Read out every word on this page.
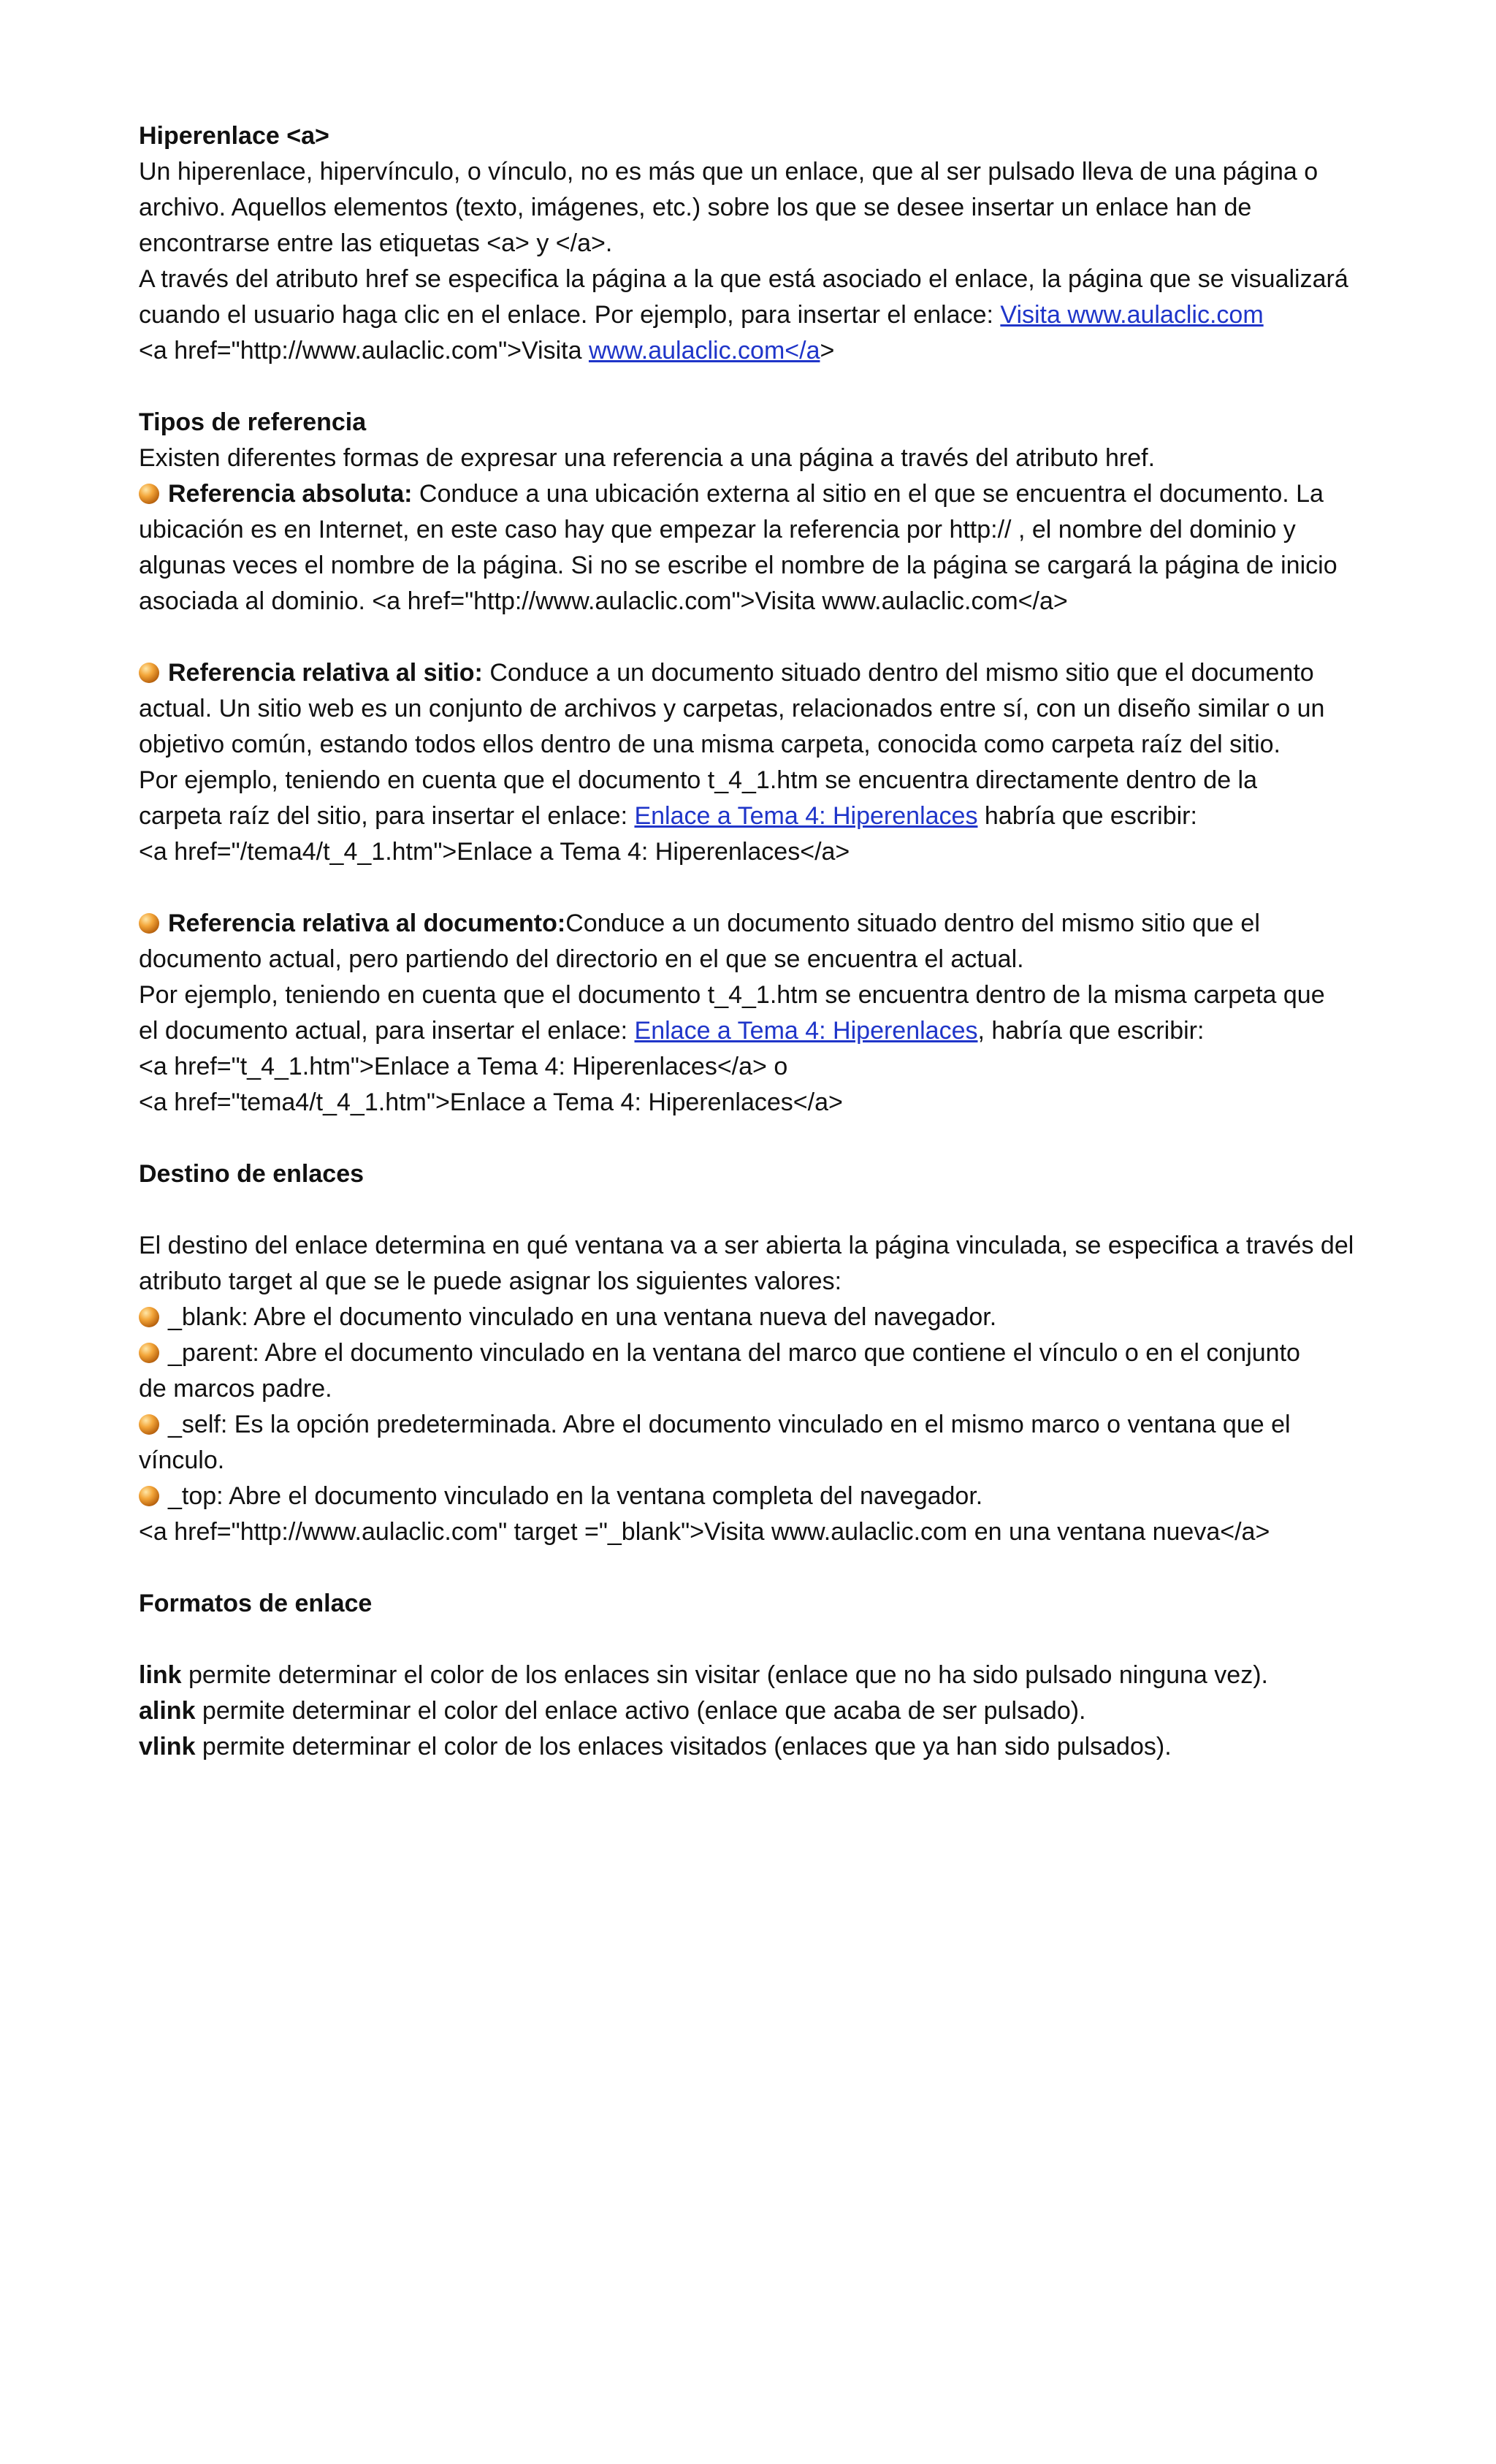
Hiperenlace <a>
Un hiperenlace, hipervínculo, o vínculo, no es más que un enlace, que al ser pulsado lleva de una página o
archivo. Aquellos elementos (texto, imágenes, etc.) sobre los que se desee insertar un enlace han de
encontrarse entre las etiquetas <a> y </a>.
A través del atributo href se especifica la página a la que está asociado el enlace, la página que se visualizará
cuando el usuario haga clic en el enlace. Por ejemplo, para insertar el enlace: Visita www.aulaclic.com
<a href="http://www.aulaclic.com">Visita www.aulaclic.com</a>
Tipos de referencia
Existen diferentes formas de expresar una referencia a una página a través del atributo href.
Referencia absoluta: Conduce a una ubicación externa al sitio en el que se encuentra el documento. La
ubicación es en Internet, en este caso hay que empezar la referencia por http:// , el nombre del dominio y
algunas veces el nombre de la página. Si no se escribe el nombre de la página se cargará la página de inicio
asociada al dominio. <a href="http://www.aulaclic.com">Visita www.aulaclic.com</a>
Referencia relativa al sitio: Conduce a un documento situado dentro del mismo sitio que el documento
actual. Un sitio web es un conjunto de archivos y carpetas, relacionados entre sí, con un diseño similar o un
objetivo común, estando todos ellos dentro de una misma carpeta, conocida como carpeta raíz del sitio.
Por ejemplo, teniendo en cuenta que el documento t_4_1.htm se encuentra directamente dentro de la
carpeta raíz del sitio, para insertar el enlace: Enlace a Tema 4: Hiperenlaces habría que escribir:
<a href="/tema4/t_4_1.htm">Enlace a Tema 4: Hiperenlaces</a>
Referencia relativa al documento:Conduce a un documento situado dentro del mismo sitio que el
documento actual, pero partiendo del directorio en el que se encuentra el actual.
Por ejemplo, teniendo en cuenta que el documento t_4_1.htm se encuentra dentro de la misma carpeta que
el documento actual, para insertar el enlace: Enlace a Tema 4: Hiperenlaces, habría que escribir:
<a href="t_4_1.htm">Enlace a Tema 4: Hiperenlaces</a> o
<a href="tema4/t_4_1.htm">Enlace a Tema 4: Hiperenlaces</a>
Destino de enlaces
El destino del enlace determina en qué ventana va a ser abierta la página vinculada, se especifica a través del
atributo target al que se le puede asignar los siguientes valores:
_blank: Abre el documento vinculado en una ventana nueva del navegador.
_parent: Abre el documento vinculado en la ventana del marco que contiene el vínculo o en el conjunto
de marcos padre.
_self: Es la opción predeterminada. Abre el documento vinculado en el mismo marco o ventana que el
vínculo.
_top: Abre el documento vinculado en la ventana completa del navegador.
<a href="http://www.aulaclic.com" target ="_blank">Visita www.aulaclic.com en una ventana nueva</a>
Formatos de enlace
link permite determinar el color de los enlaces sin visitar (enlace que no ha sido pulsado ninguna vez).
alink permite determinar el color del enlace activo (enlace que acaba de ser pulsado).
vlink permite determinar el color de los enlaces visitados (enlaces que ya han sido pulsados).
